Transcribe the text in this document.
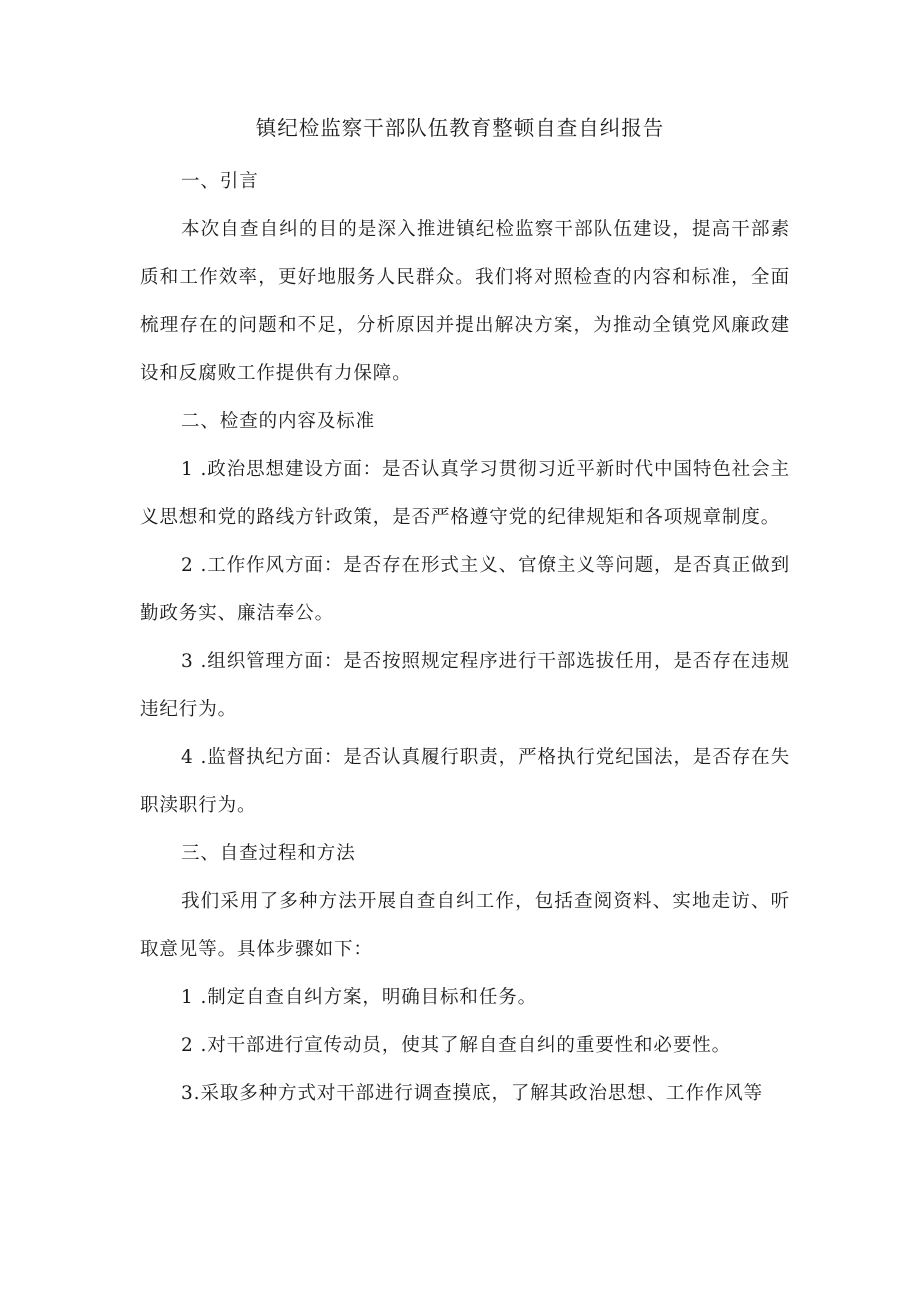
镇纪检监察干部队伍教育整顿自查自纠报告

一、引言

本次自查自纠的目的是深入推进镇纪检监察干部队伍建设，提高干部素质和工作效率，更好地服务人民群众。我们将对照检查的内容和标准，全面梳理存在的问题和不足，分析原因并提出解决方案，为推动全镇党风廉政建设和反腐败工作提供有力保障。

二、检查的内容及标准

1 .政治思想建设方面：是否认真学习贯彻习近平新时代中国特色社会主义思想和党的路线方针政策，是否严格遵守党的纪律规矩和各项规章制度。

2 .工作作风方面：是否存在形式主义、官僚主义等问题，是否真正做到勤政务实、廉洁奉公。

3 .组织管理方面：是否按照规定程序进行干部选拔任用，是否存在违规违纪行为。

4 .监督执纪方面：是否认真履行职责，严格执行党纪国法，是否存在失职渎职行为。

三、自查过程和方法

我们采用了多种方法开展自查自纠工作，包括查阅资料、实地走访、听取意见等。具体步骤如下：

1 .制定自查自纠方案，明确目标和任务。

2 .对干部进行宣传动员，使其了解自查自纠的重要性和必要性。

3.采取多种方式对干部进行调查摸底，了解其政治思想、工作作风等
